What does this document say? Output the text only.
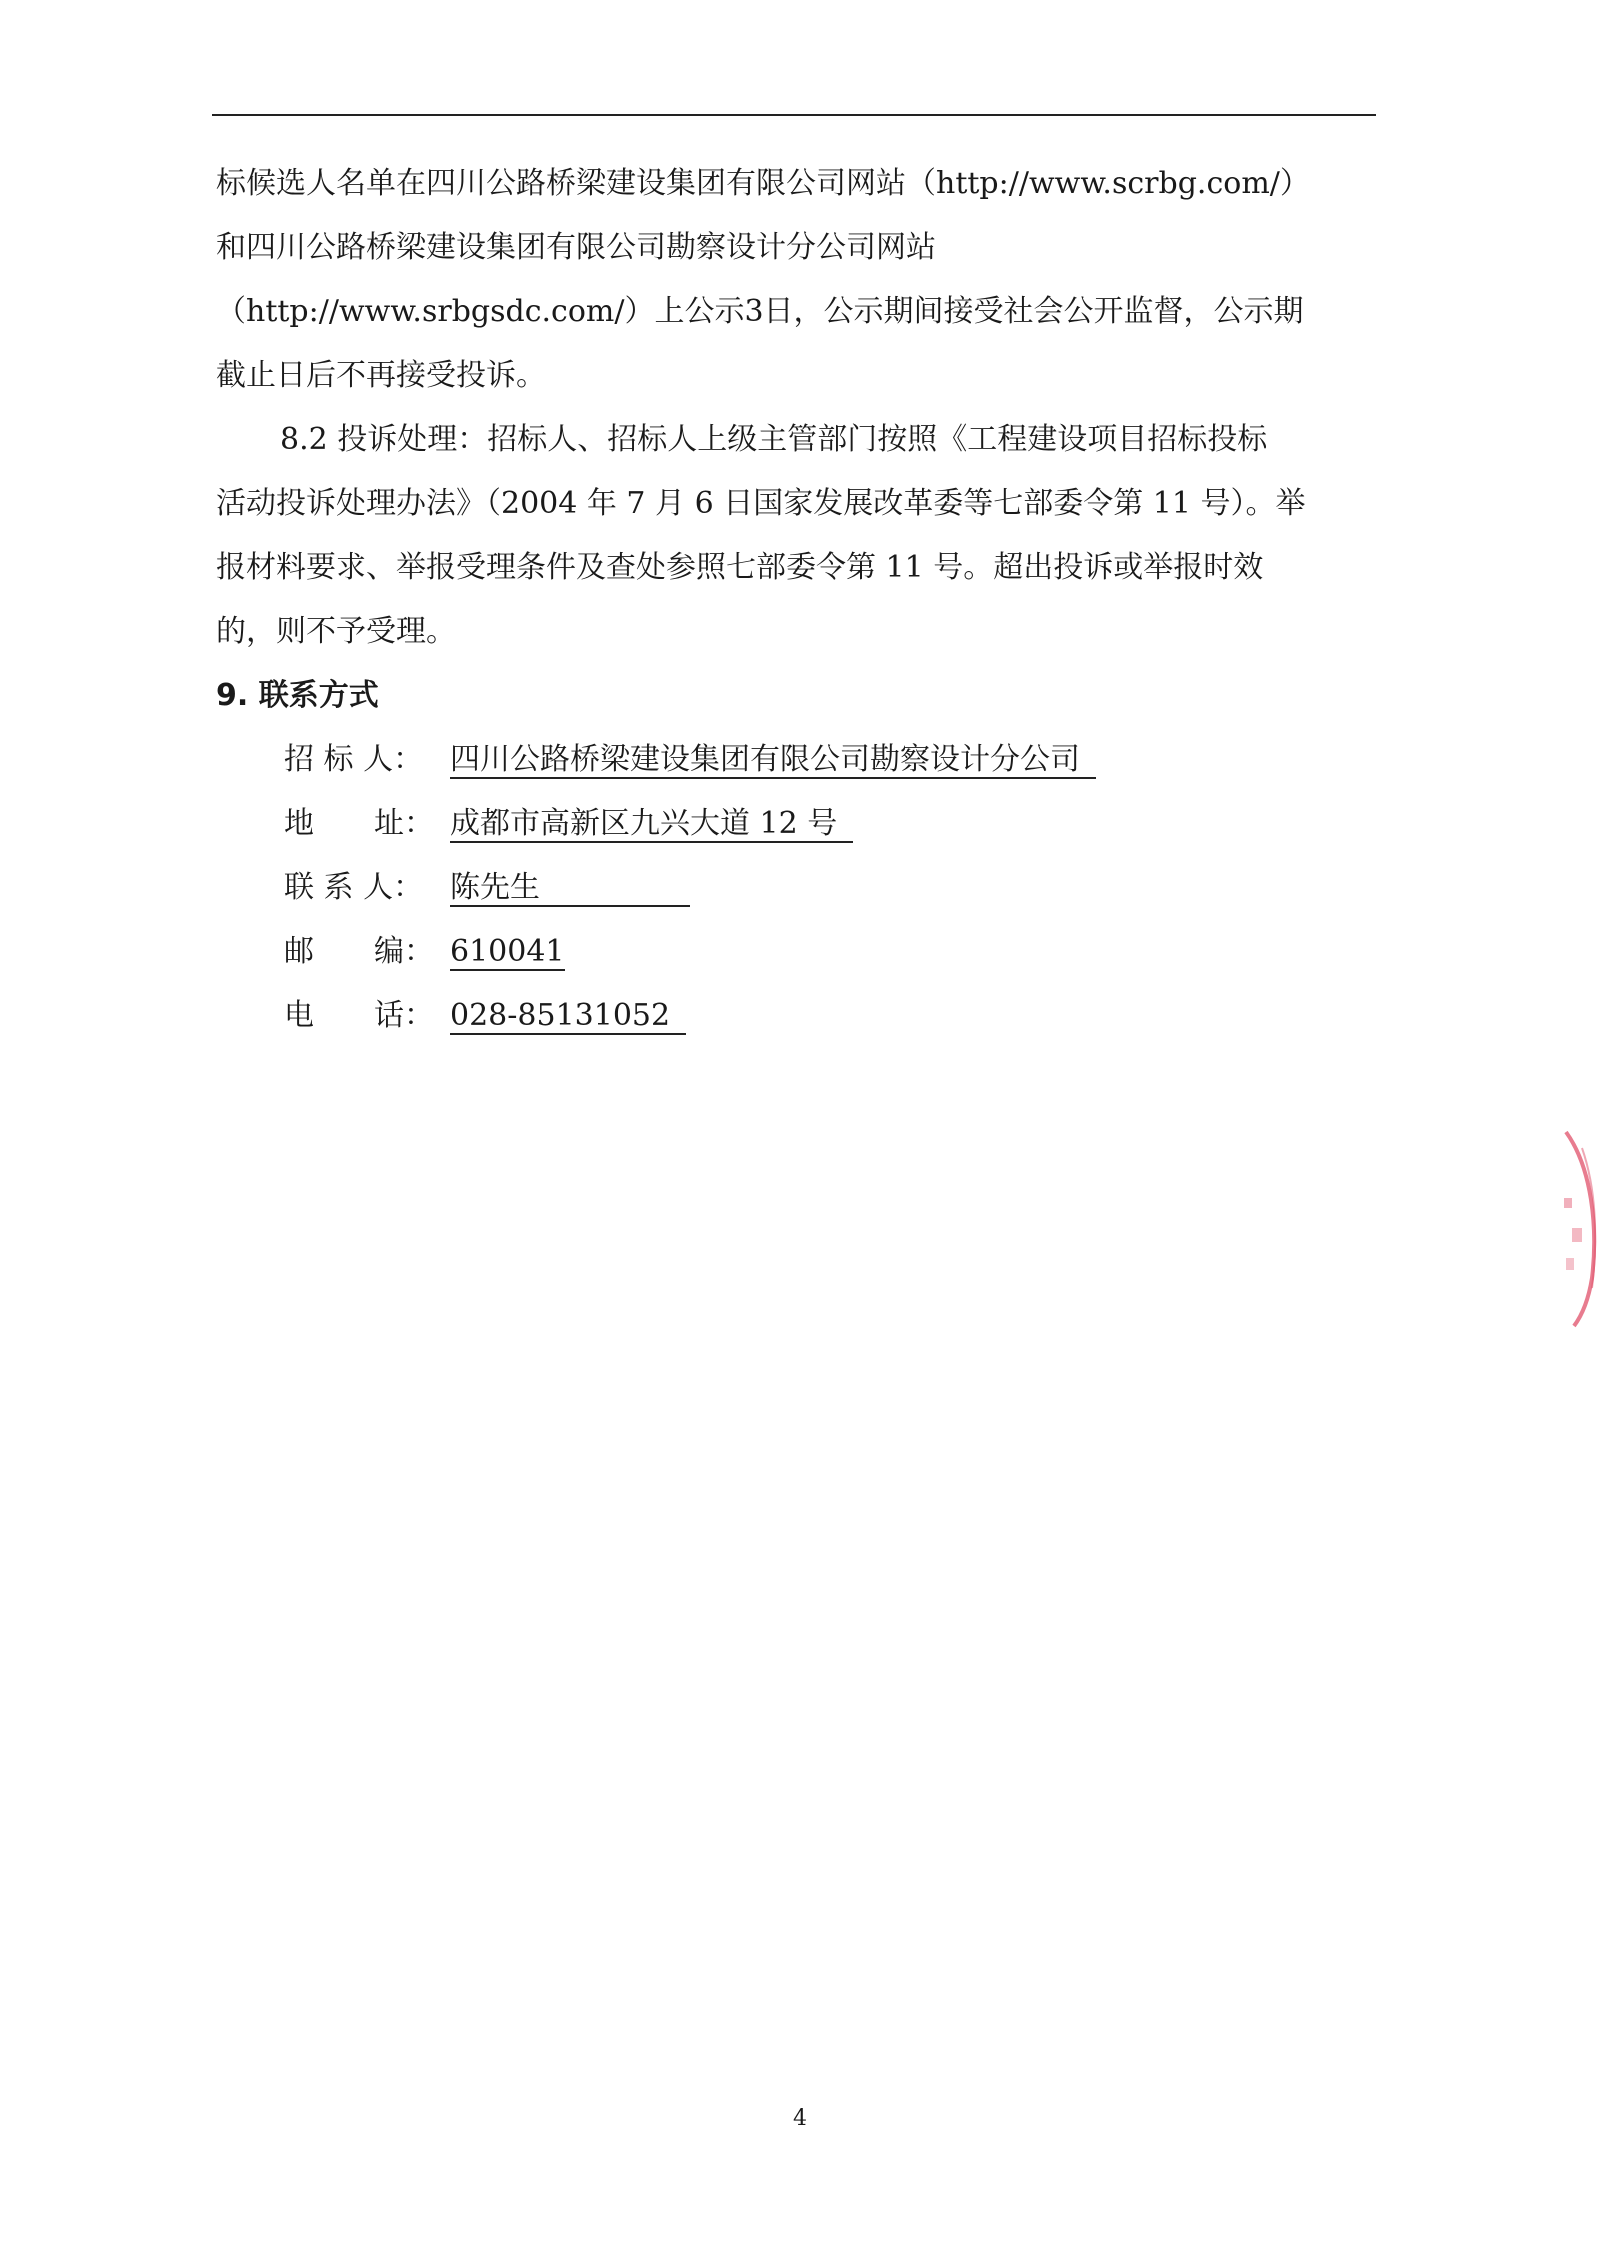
标候选人名单在四川公路桥梁建设集团有限公司网站（http://www.scrbg.com/）
和四川公路桥梁建设集团有限公司勘察设计分公司网站
（http://www.srbgsdc.com/）上公示3日，公示期间接受社会公开监督，公示期
截止日后不再接受投诉。
8.2 投诉处理：招标人、招标人上级主管部门按照《工程建设项目招标投标
活动投诉处理办法》（2004 年 7 月 6 日国家发展改革委等七部委令第 11 号）。举
报材料要求、举报受理条件及查处参照七部委令第 11 号。超出投诉或举报时效
的，则不予受理。
9. 联系方式
招 标 人： 四川公路桥梁建设集团有限公司勘察设计分公司
地　　址： 成都市高新区九兴大道 12 号
联 系 人： 陈先生
邮　　编： 610041
电　　话： 028-85131052
4
